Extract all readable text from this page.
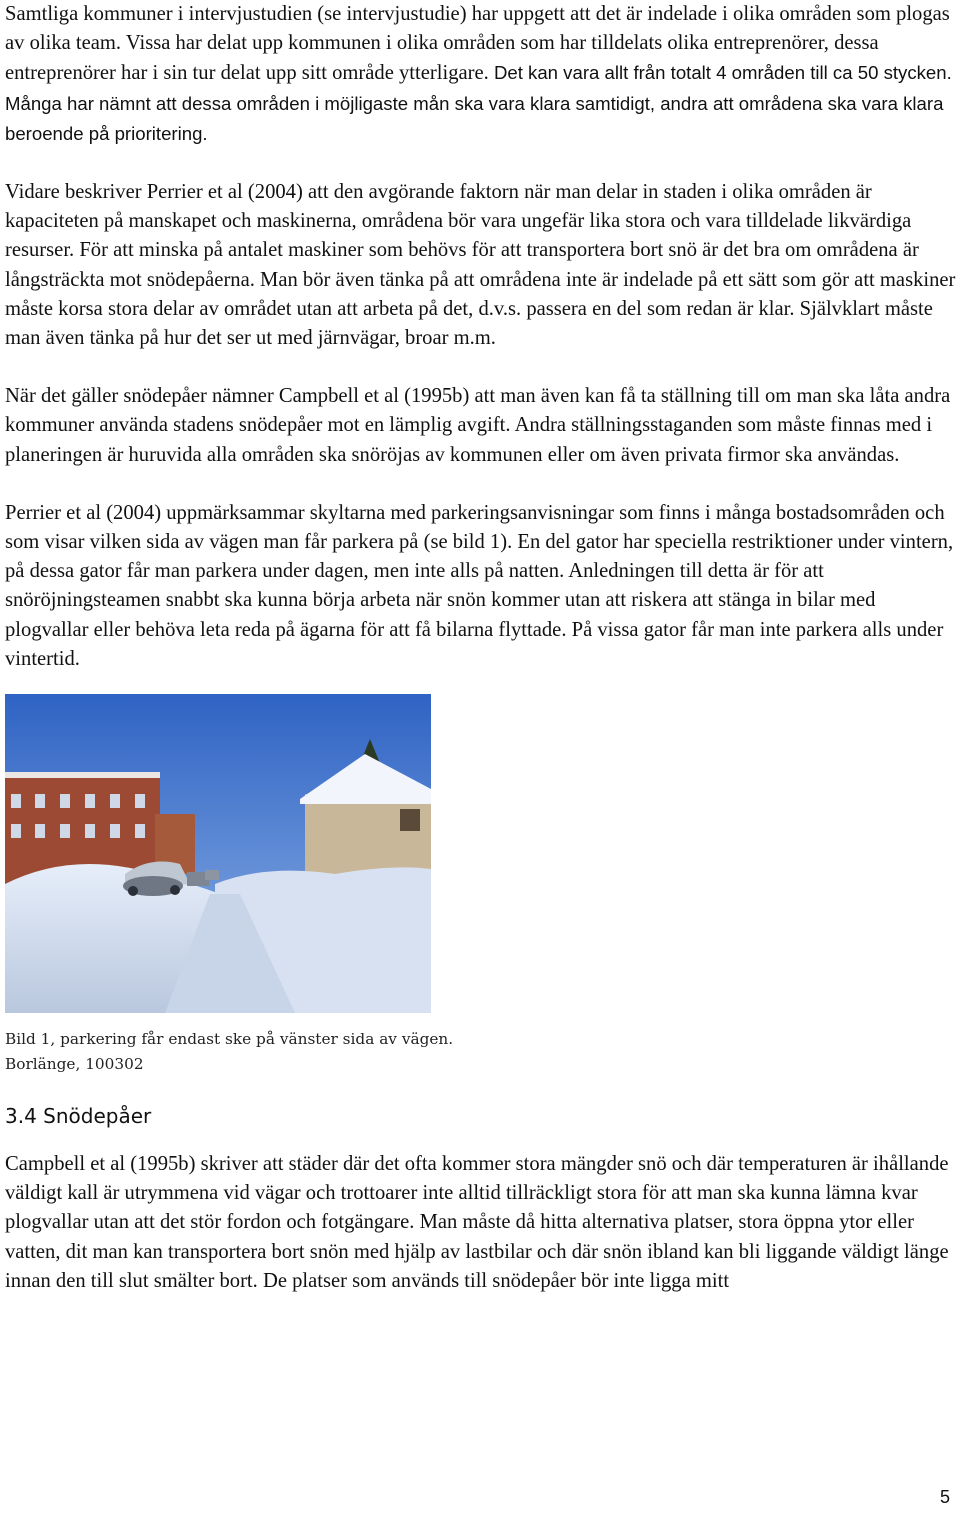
Samtliga kommuner i intervjustudien (se intervjustudie) har uppgett att det är indelade i olika områden som plogas av olika team. Vissa har delat upp kommunen i olika områden som har tilldelats olika entreprenörer, dessa entreprenörer har i sin tur delat upp sitt område ytterligare. Det kan vara allt från totalt 4 områden till ca 50 stycken. Många har nämnt att dessa områden i möjligaste mån ska vara klara samtidigt, andra att områdena ska vara klara beroende på prioritering.

Vidare beskriver Perrier et al (2004) att den avgörande faktorn när man delar in staden i olika områden är kapaciteten på manskapet och maskinerna, områdena bör vara ungefär lika stora och vara tilldelade likvärdiga resurser. För att minska på antalet maskiner som behövs för att transportera bort snö är det bra om områdena är långsträckta mot snödepåerna. Man bör även tänka på att områdena inte är indelade på ett sätt som gör att maskiner måste korsa stora delar av området utan att arbeta på det, d.v.s. passera en del som redan är klar. Självklart måste man även tänka på hur det ser ut med järnvägar, broar m.m.

När det gäller snödepåer nämner Campbell et al (1995b) att man även kan få ta ställning till om man ska låta andra kommuner använda stadens snödepåer mot en lämplig avgift. Andra ställningsstaganden som måste finnas med i planeringen är huruvida alla områden ska snöröjas av kommunen eller om även privata firmor ska användas.

Perrier et al (2004) uppmärksammar skyltarna med parkeringsanvisningar som finns i många bostadsområden och som visar vilken sida av vägen man får parkera på (se bild 1). En del gator har speciella restriktioner under vintern, på dessa gator får man parkera under dagen, men inte alls på natten. Anledningen till detta är för att snöröjningsteamen snabbt ska kunna börja arbeta när snön kommer utan att riskera att stänga in bilar med plogvallar eller behöva leta reda på ägarna för att få bilarna flyttade. På vissa gator får man inte parkera alls under vintertid.

Bild 1, parkering får endast ske på vänster sida av vägen.
Borlänge, 100302
3.4 Snödepåer

Campbell et al (1995b) skriver att städer där det ofta kommer stora mängder snö och där temperaturen är ihållande väldigt kall är utrymmena vid vägar och trottoarer inte alltid tillräckligt stora för att man ska kunna lämna kvar plogvallar utan att det stör fordon och fotgängare. Man måste då hitta alternativa platser, stora öppna ytor eller vatten, dit man kan transportera bort snön med hjälp av lastbilar och där snön ibland kan bli liggande väldigt länge innan den till slut smälter bort. De platser som används till snödepåer bör inte ligga mitt

5
